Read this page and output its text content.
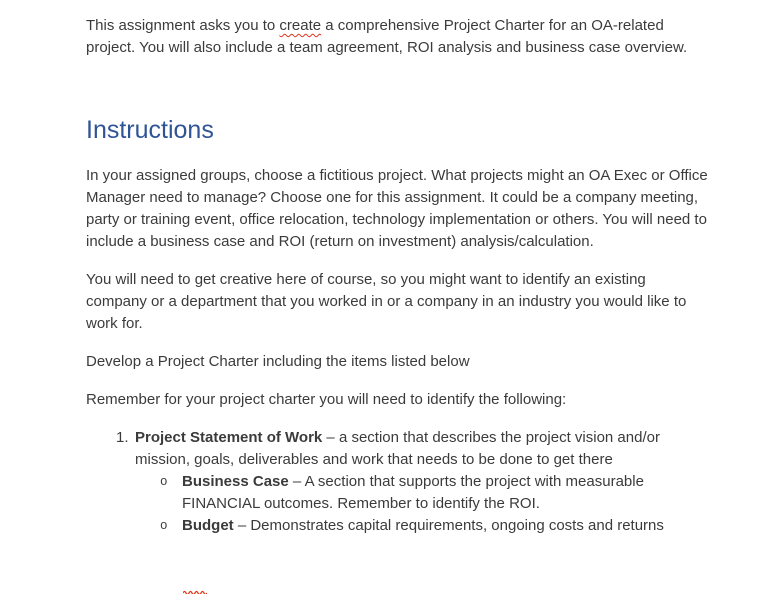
This assignment asks you to create a comprehensive Project Charter for an OA-related project. You will also include a team agreement, ROI analysis and business case overview.

Instructions

In your assigned groups, choose a fictitious project. What projects might an OA Exec or Office Manager need to manage? Choose one for this assignment. It could be a company meeting, party or training event, office relocation, technology implementation or others. You will need to include a business case and ROI (return on investment) analysis/calculation.

You will need to get creative here of course, so you might want to identify an existing company or a department that you worked in or a company in an industry you would like to work for.

Develop a Project Charter including the items listed below

Remember for your project charter you will need to identify the following:

1. Project Statement of Work – a section that describes the project vision and/or mission, goals, deliverables and work that needs to be done to get there
o Business Case – A section that supports the project with measurable FINANCIAL outcomes. Remember to identify the ROI.
o Budget – Demonstrates capital requirements, ongoing costs and returns
